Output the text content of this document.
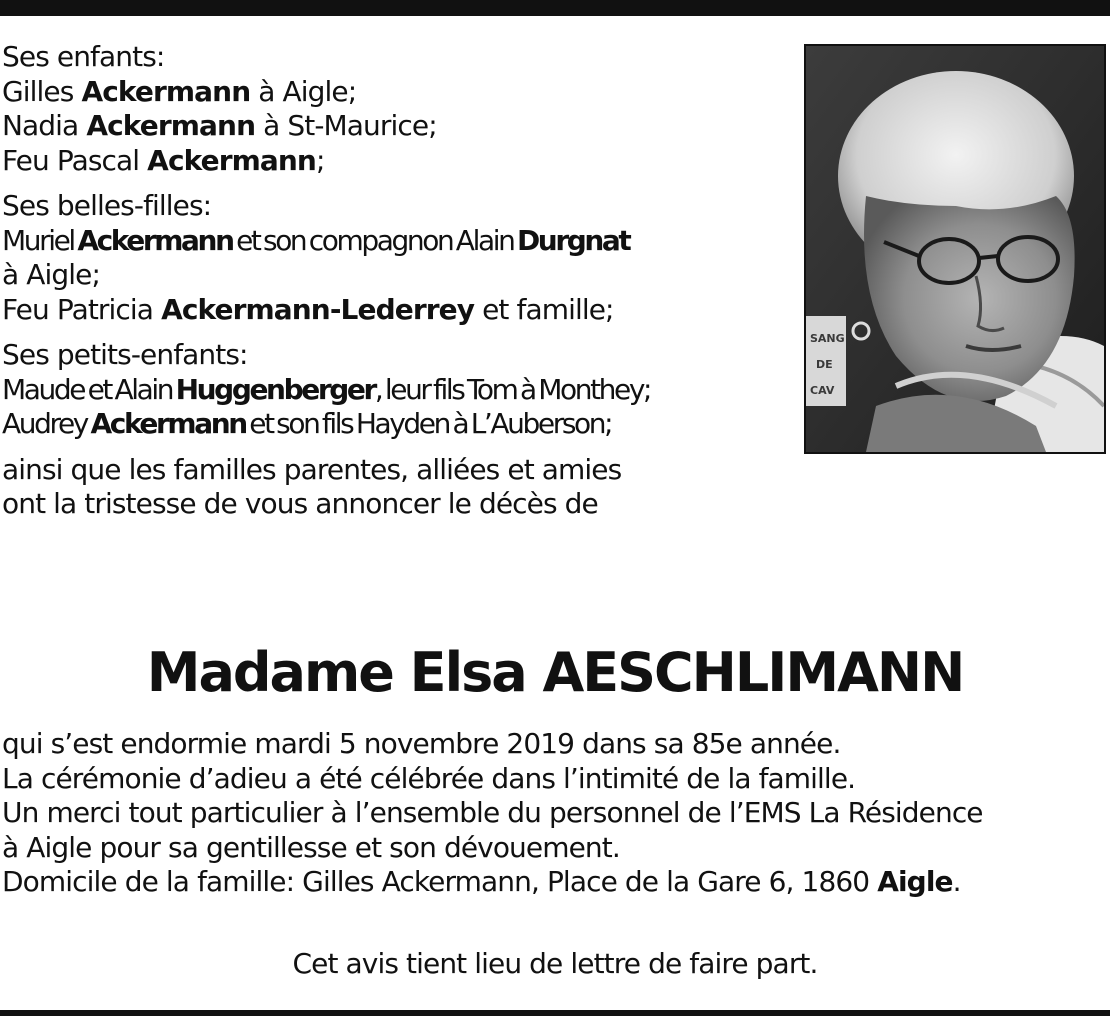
Ses enfants:
Gilles Ackermann à Aigle;
Nadia Ackermann à St-Maurice;
Feu Pascal Ackermann;
Ses belles-filles:
Muriel Ackermann et son compagnon Alain Durgnat
à Aigle;
Feu Patricia Ackermann-Lederrey et famille;
Ses petits-enfants:
Maude et Alain Huggenberger, leur fils Tom à Monthey;
Audrey Ackermann et son fils Hayden à L’Auberson;
ainsi que les familles parentes, alliées et amies
ont la tristesse de vous annoncer le décès de
SANG
DE
CAV
Madame Elsa AESCHLIMANN
qui s’est endormie mardi 5 novembre 2019 dans sa 85e année.
La cérémonie d’adieu a été célébrée dans l’intimité de la famille.
Un merci tout particulier à l’ensemble du personnel de l’EMS La Résidence
à Aigle pour sa gentillesse et son dévouement.
Domicile de la famille: Gilles Ackermann, Place de la Gare 6, 1860 Aigle.
Cet avis tient lieu de lettre de faire part.
